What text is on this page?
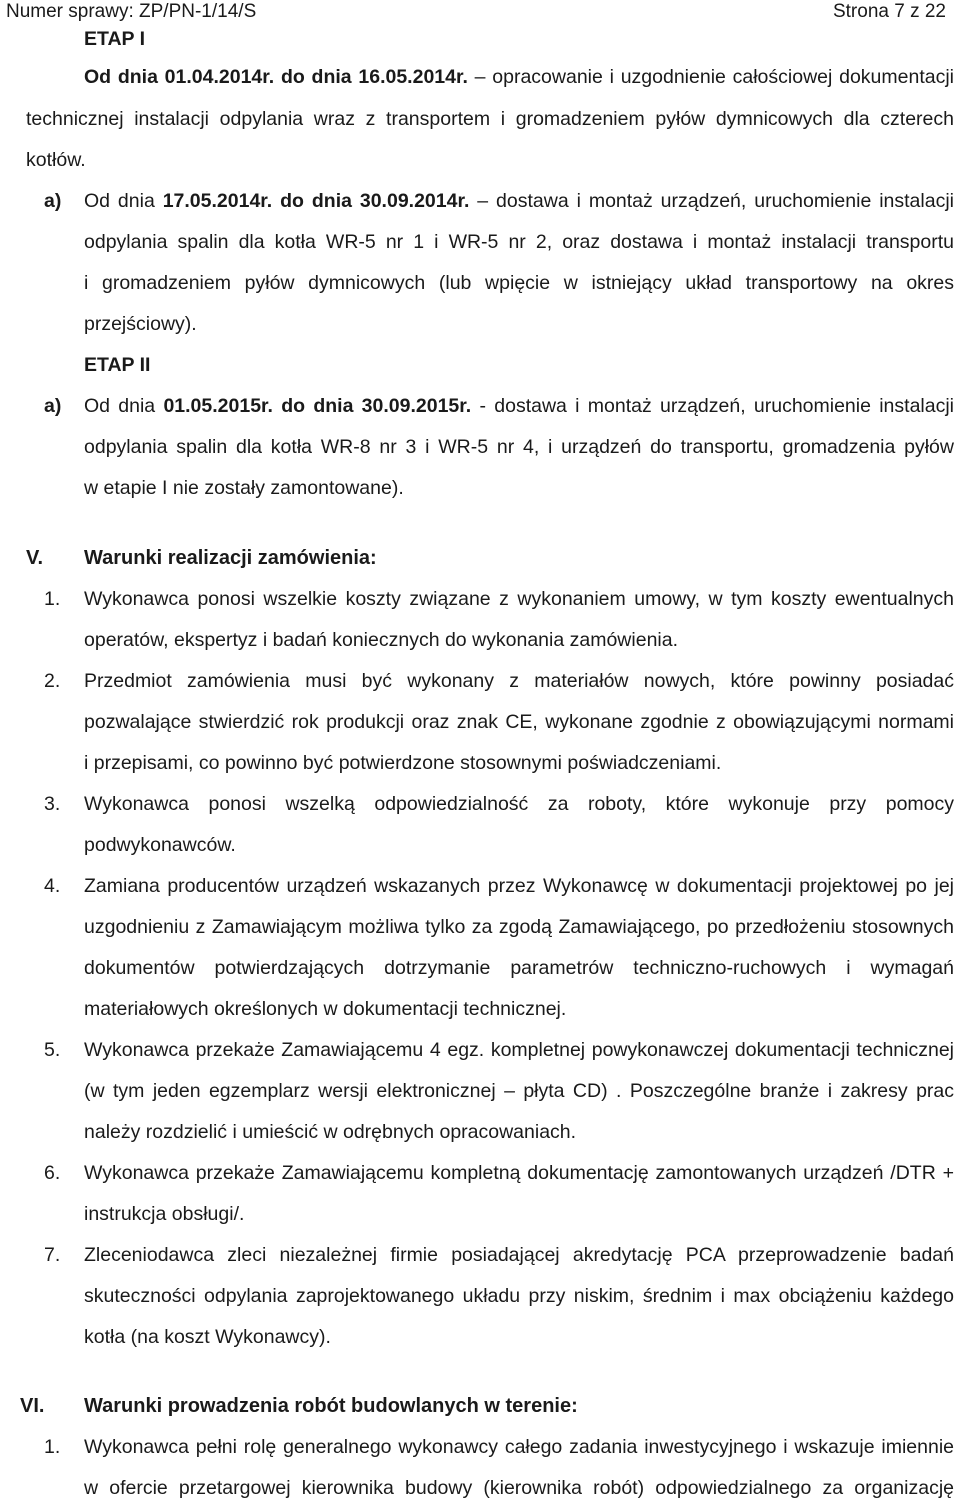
Numer sprawy: ZP/PN-1/14/S	Strona 7 z 22
ETAP I
Od dnia 01.04.2014r. do dnia 16.05.2014r. – opracowanie i uzgodnienie całościowej dokumentacji
technicznej instalacji odpylania wraz z transportem i gromadzeniem pyłów dymnicowych dla czterech
kotłów.
a) Od dnia 17.05.2014r. do dnia 30.09.2014r. – dostawa i montaż urządzeń, uruchomienie instalacji
odpylania spalin dla kotła WR-5 nr 1 i WR-5 nr 2, oraz dostawa i montaż instalacji transportu
i gromadzeniem pyłów dymnicowych (lub wpięcie w istniejący układ transportowy na okres
przejściowy).
ETAP II
a) Od dnia 01.05.2015r. do dnia 30.09.2015r. - dostawa i montaż urządzeń, uruchomienie instalacji
odpylania spalin dla kotła WR-8 nr 3 i WR-5 nr 4, i urządzeń do transportu, gromadzenia pyłów
w etapie I nie zostały zamontowane).
V. Warunki realizacji zamówienia:
1. Wykonawca ponosi wszelkie koszty związane z wykonaniem umowy, w tym koszty ewentualnych
operatów, ekspertyz i badań koniecznych do wykonania zamówienia.
2. Przedmiot zamówienia musi być wykonany z materiałów nowych, które powinny posiadać
pozwalające stwierdzić rok produkcji oraz znak CE, wykonane zgodnie z obowiązującymi normami
i przepisami, co powinno być potwierdzone stosownymi poświadczeniami.
3. Wykonawca ponosi wszelką odpowiedzialność za roboty, które wykonuje przy pomocy
podwykonawców.
4. Zamiana producentów urządzeń wskazanych przez Wykonawcę w dokumentacji projektowej po jej
uzgodnieniu z Zamawiającym możliwa tylko za zgodą Zamawiającego, po przedłożeniu stosownych
dokumentów potwierdzających dotrzymanie parametrów techniczno-ruchowych i wymagań
materiałowych określonych w dokumentacji technicznej.
5. Wykonawca przekaże Zamawiającemu 4 egz. kompletnej powykonawczej dokumentacji technicznej
(w tym jeden egzemplarz wersji elektronicznej – płyta CD) . Poszczególne branże i zakresy prac
należy rozdzielić i umieścić w odrębnych opracowaniach.
6. Wykonawca przekaże Zamawiającemu kompletną dokumentację zamontowanych urządzeń /DTR +
instrukcja obsługi/.
7. Zleceniodawca zleci niezależnej firmie posiadającej akredytację PCA przeprowadzenie badań
skuteczności odpylania zaprojektowanego układu przy niskim, średnim i max obciążeniu każdego
kotła (na koszt Wykonawcy).
VI. Warunki prowadzenia robót budowlanych w terenie:
1. Wykonawca pełni rolę generalnego wykonawcy całego zadania inwestycyjnego i wskazuje imiennie
w ofercie przetargowej kierownika budowy (kierownika robót) odpowiedzialnego za organizację
